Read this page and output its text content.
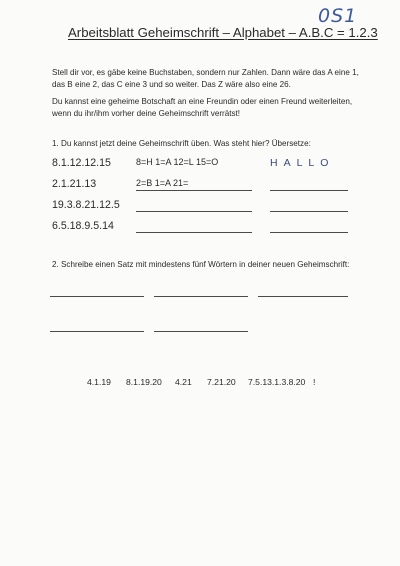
0S1
Arbeitsblatt Geheimschrift – Alphabet – A.B.C = 1.2.3
Stell dir vor, es gäbe keine Buchstaben, sondern nur Zahlen. Dann wäre das A eine 1, das B eine 2, das C eine 3 und so weiter. Das Z wäre also eine 26.
Du kannst eine geheime Botschaft an eine Freundin oder einen Freund weiterleiten, wenn du ihr/ihm vorher deine Geheimschrift verrätst!
1. Du kannst jetzt deine Geheimschrift üben. Was steht hier? Übersetze:
8.1.12.12.15	8=H 1=A 12=L 15=O	HALLO
2.1.21.13	2=B 1=A 21=
19.3.8.21.12.5
6.5.18.9.5.14
2. Schreibe einen Satz mit mindestens fünf Wörtern in deiner neuen Geheimschrift:
4.1.19 8.1.19.20 4.21 7.21.20 7.5.13.1.3.8.20 !
